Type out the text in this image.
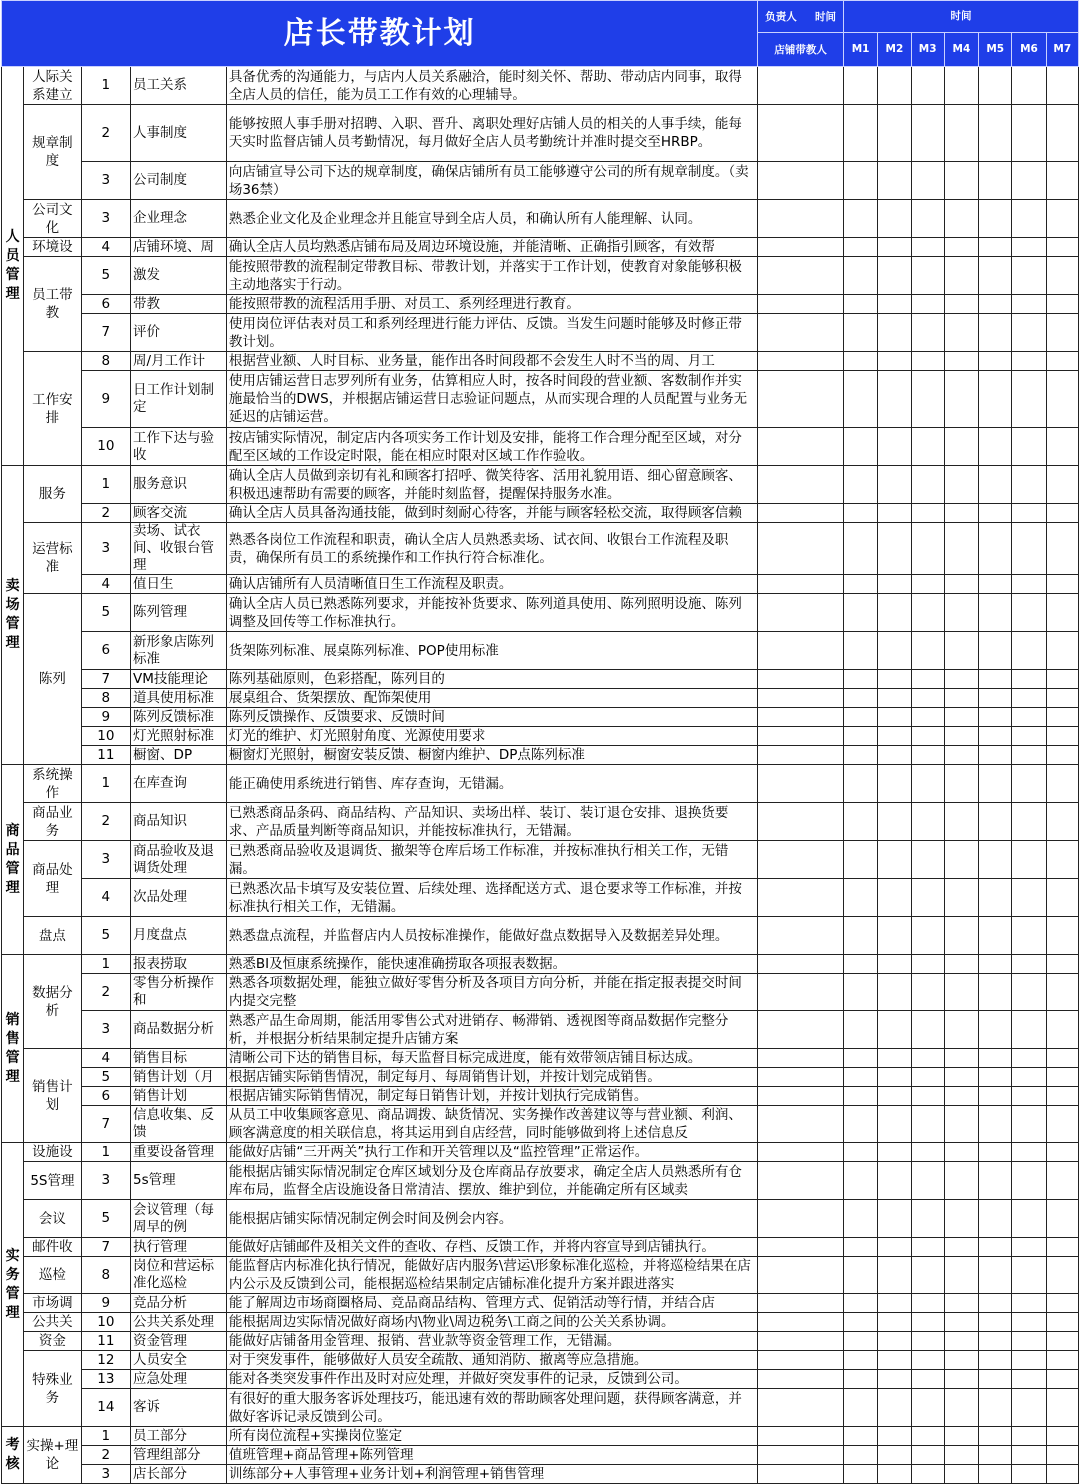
店长带教计划					负责人 时间	时间						
					店铺带教人	M1	M2	M3	M4	M5	M6	M7

人员管理	人际关系建立	1	员工关系	具备优秀的沟通能力，与店内人员关系融洽，能时刻关怀、帮助、带动店内同事，取得全店人员的信任，能为员工工作有效的心理辅导。								
	规章制度	2	人事制度	能够按照人事手册对招聘、入职、晋升、离职处理好店铺人员的相关的人事手续，能每天实时监督店铺人员考勤情况，每月做好全店人员考勤统计并准时提交至HRBP。								
		3	公司制度	向店铺宣导公司下达的规章制度，确保店铺所有员工能够遵守公司的所有规章制度。（卖场36禁）								
	公司文化	3	企业理念	熟悉企业文化及企业理念并且能宣导到全店人员，和确认所有人能理解、认同。								
	环境设	4	店铺环境、周	确认全店人员均熟悉店铺布局及周边环境设施，并能清晰、正确指引顾客，有效帮								
	员工带教	5	激发	能按照带教的流程制定带教目标、带教计划，并落实于工作计划，使教育对象能够积极主动地落实于行动。								
		6	带教	能按照带教的流程活用手册、对员工、系列经理进行教育。								
		7	评价	使用岗位评估表对员工和系列经理进行能力评估、反馈。当发生问题时能够及时修正带教计划。								
	工作安排	8	周/月工作计	根据营业额、人时目标、业务量，能作出各时间段都不会发生人时不当的周、月工								
		9	日工作计划制定	使用店铺运营日志罗列所有业务，估算相应人时，按各时间段的营业额、客数制作并实施最恰当的DWS，并根据店铺运营日志验证问题点，从而实现合理的人员配置与业务无延迟的店铺运营。								
		10	工作下达与验收	按店铺实际情况，制定店内各项实务工作计划及安排，能将工作合理分配至区域，对分配至区域的工作设定时限，能在相应时限对区域工作作验收。								

卖场管理	服务	1	服务意识	确认全店人员做到亲切有礼和顾客打招呼、微笑待客、活用礼貌用语、细心留意顾客、积极迅速帮助有需要的顾客，并能时刻监督，提醒保持服务水准。								
		2	顾客交流	确认全店人员具备沟通技能，做到时刻耐心待客，并能与顾客轻松交流，取得顾客信赖								
	运营标准	3	卖场、试衣间、收银台管理	熟悉各岗位工作流程和职责，确认全店人员熟悉卖场、试衣间、收银台工作流程及职责，确保所有员工的系统操作和工作执行符合标准化。								
		4	值日生	确认店铺所有人员清晰值日生工作流程及职责。								
	陈列	5	陈列管理	确认全店人员已熟悉陈列要求，并能按补货要求、陈列道具使用、陈列照明设施、陈列调整及回传等工作标准执行。								
		6	新形象店陈列标准	货架陈列标准、展桌陈列标准、POP使用标准								
		7	VM技能理论	陈列基础原则，色彩搭配，陈列目的								
		8	道具使用标准	展桌组合、货架摆放、配饰架使用								
		9	陈列反馈标准	陈列反馈操作、反馈要求、反馈时间								
		10	灯光照射标准	灯光的维护、灯光照射角度、光源使用要求								
		11	橱窗、DP	橱窗灯光照射，橱窗安装反馈、橱窗内维护、DP点陈列标准								

商品管理	系统操作	1	在库查询	能正确使用系统进行销售、库存查询，无错漏。								
	商品业务	2	商品知识	已熟悉商品条码、商品结构、产品知识、卖场出样、装订、装订退仓安排、退换货要求、产品质量判断等商品知识，并能按标准执行，无错漏。								
	商品处理	3	商品验收及退调货处理	已熟悉商品验收及退调货、撤架等仓库后场工作标准，并按标准执行相关工作，无错漏。								
		4	次品处理	已熟悉次品卡填写及安装位置、后续处理、选择配送方式、退仓要求等工作标准，并按标准执行相关工作，无错漏。								
	盘点	5	月度盘点	熟悉盘点流程，并监督店内人员按标准操作，能做好盘点数据导入及数据差异处理。								

销售管理	数据分析	1	报表捞取	熟悉BI及恒康系统操作，能快速准确捞取各项报表数据。								
		2	零售分析操作和	熟悉各项数据处理，能独立做好零售分析及各项目方向分析，并能在指定报表提交时间内提交完整								
		3	商品数据分析	熟悉产品生命周期，能活用零售公式对进销存、畅滞销、透视图等商品数据作完整分析，并根据分析结果制定提升店铺方案								
	销售计划	4	销售目标	清晰公司下达的销售目标，每天监督目标完成进度，能有效带领店铺目标达成。								
		5	销售计划（月	根据店铺实际销售情况，制定每月、每周销售计划，并按计划完成销售。								
		6	销售计划	根据店铺实际销售情况，制定每日销售计划，并按计划执行完成销售。								
		7	信息收集、反馈	从员工中收集顾客意见、商品调拨、缺货情况、实务操作改善建议等与营业额、利润、顾客满意度的相关联信息，将其运用到自店经营，同时能够做到将上述信息反								

实务管理	设施设	1	重要设备管理	能做好店铺“三开两关”执行工作和开关管理以及“监控管理”正常运作。								
	5S管理	3	5s管理	能根据店铺实际情况制定仓库区域划分及仓库商品存放要求，确定全店人员熟悉所有仓库布局，监督全店设施设备日常清洁、摆放、维护到位，并能确定所有区域卖								
	会议	5	会议管理（每周早的例	能根据店铺实际情况制定例会时间及例会内容。								
	邮件收	7	执行管理	能做好店铺邮件及相关文件的查收、存档、反馈工作，并将内容宣导到店铺执行。								
	巡检	8	岗位和营运标准化巡检	能监督店内标准化执行情况，能做好店内服务\营运\形象标准化巡检，并将巡检结果在店内公示及反馈到公司，能根据巡检结果制定店铺标准化提升方案并跟进落实								
	市场调	9	竞品分析	能了解周边市场商圈格局、竞品商品结构、管理方式、促销活动等行情，并结合店								
	公共关	10	公共关系处理	能根据周边实际情况做好商场内\物业\周边税务\工商之间的公关关系协调。								
	资金	11	资金管理	能做好店铺备用金管理、报销、营业款等资金管理工作，无错漏。								
	特殊业务	12	人员安全	对于突发事件，能够做好人员安全疏散、通知消防、撤离等应急措施。								
		13	应急处理	能对各类突发事件作出及时对应处理，并做好突发事件的记录，反馈到公司。								
		14	客诉	有很好的重大服务客诉处理技巧，能迅速有效的帮助顾客处理问题，获得顾客满意，并做好客诉记录反馈到公司。								

考核	实操+理论	1	员工部分	所有岗位流程+实操岗位鉴定								
		2	管理组部分	值班管理+商品管理+陈列管理								
		3	店长部分	训练部分+人事管理+业务计划+利润管理+销售管理								
